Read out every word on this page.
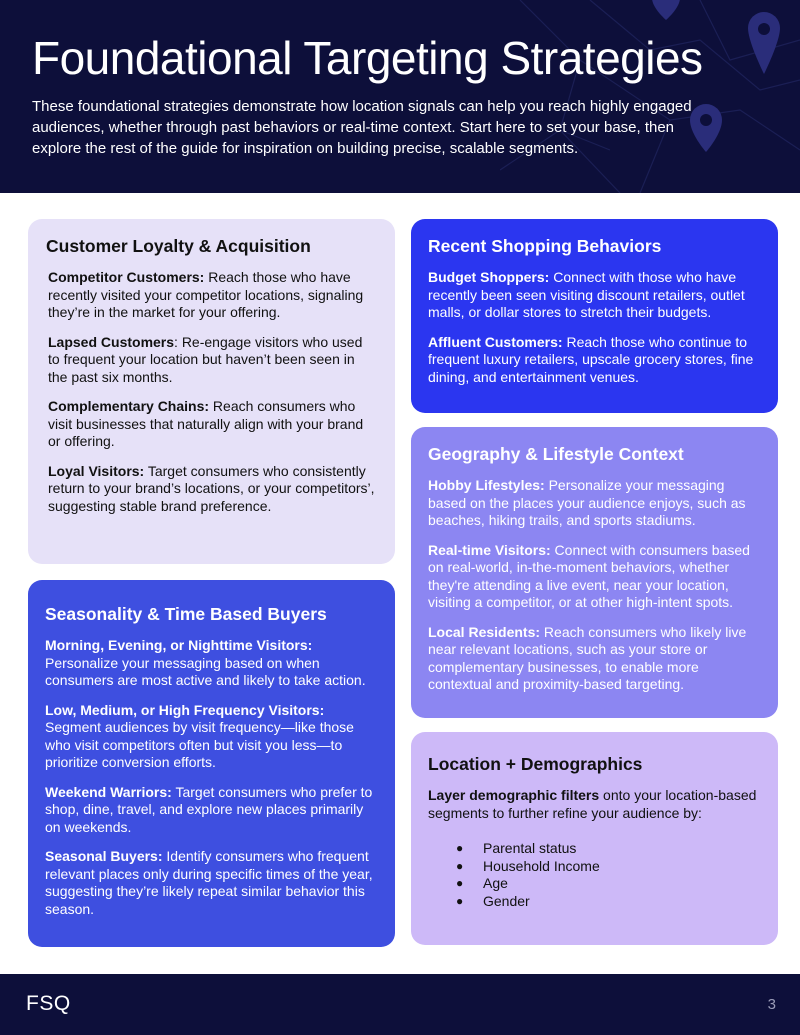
Foundational Targeting Strategies
These foundational strategies demonstrate how location signals can help you reach highly engaged audiences, whether through past behaviors or real-time context. Start here to set your base, then explore the rest of the guide for inspiration on building precise, scalable segments.
Customer Loyalty & Acquisition
Competitor Customers: Reach those who have recently visited your competitor locations, signaling they’re in the market for your offering.
Lapsed Customers: Re-engage visitors who used to frequent your location but haven’t been seen in the past six months.
Complementary Chains: Reach consumers who visit businesses that naturally align with your brand or offering.
Loyal Visitors: Target consumers who consistently return to your brand’s locations, or your competitors’, suggesting stable brand preference.
Seasonality & Time Based Buyers
Morning, Evening, or Nighttime Visitors: Personalize your messaging based on when consumers are most active and likely to take action.
Low, Medium, or High Frequency Visitors: Segment audiences by visit frequency—like those who visit competitors often but visit you less—to prioritize conversion efforts.
Weekend Warriors: Target consumers who prefer to shop, dine, travel, and explore new places primarily on weekends.
Seasonal Buyers: Identify consumers who frequent relevant places only during specific times of the year, suggesting they’re likely repeat similar behavior this season.
Recent Shopping Behaviors
Budget Shoppers: Connect with those who have recently been seen visiting discount retailers, outlet malls, or dollar stores to stretch their budgets.
Affluent Customers: Reach those who continue to frequent luxury retailers, upscale grocery stores, fine dining, and entertainment venues.
Geography & Lifestyle Context
Hobby Lifestyles: Personalize your messaging based on the places your audience enjoys, such as beaches, hiking trails, and sports stadiums.
Real-time Visitors: Connect with consumers based on real-world, in-the-moment behaviors, whether they're attending a live event, near your location, visiting a competitor, or at other high-intent spots.
Local Residents: Reach consumers who likely live near relevant locations, such as your store or complementary businesses, to enable more contextual and proximity-based targeting.
Location + Demographics
Layer demographic filters onto your location-based segments to further refine your audience by:
● Parental status
● Household Income
● Age
● Gender
FSQ	3
